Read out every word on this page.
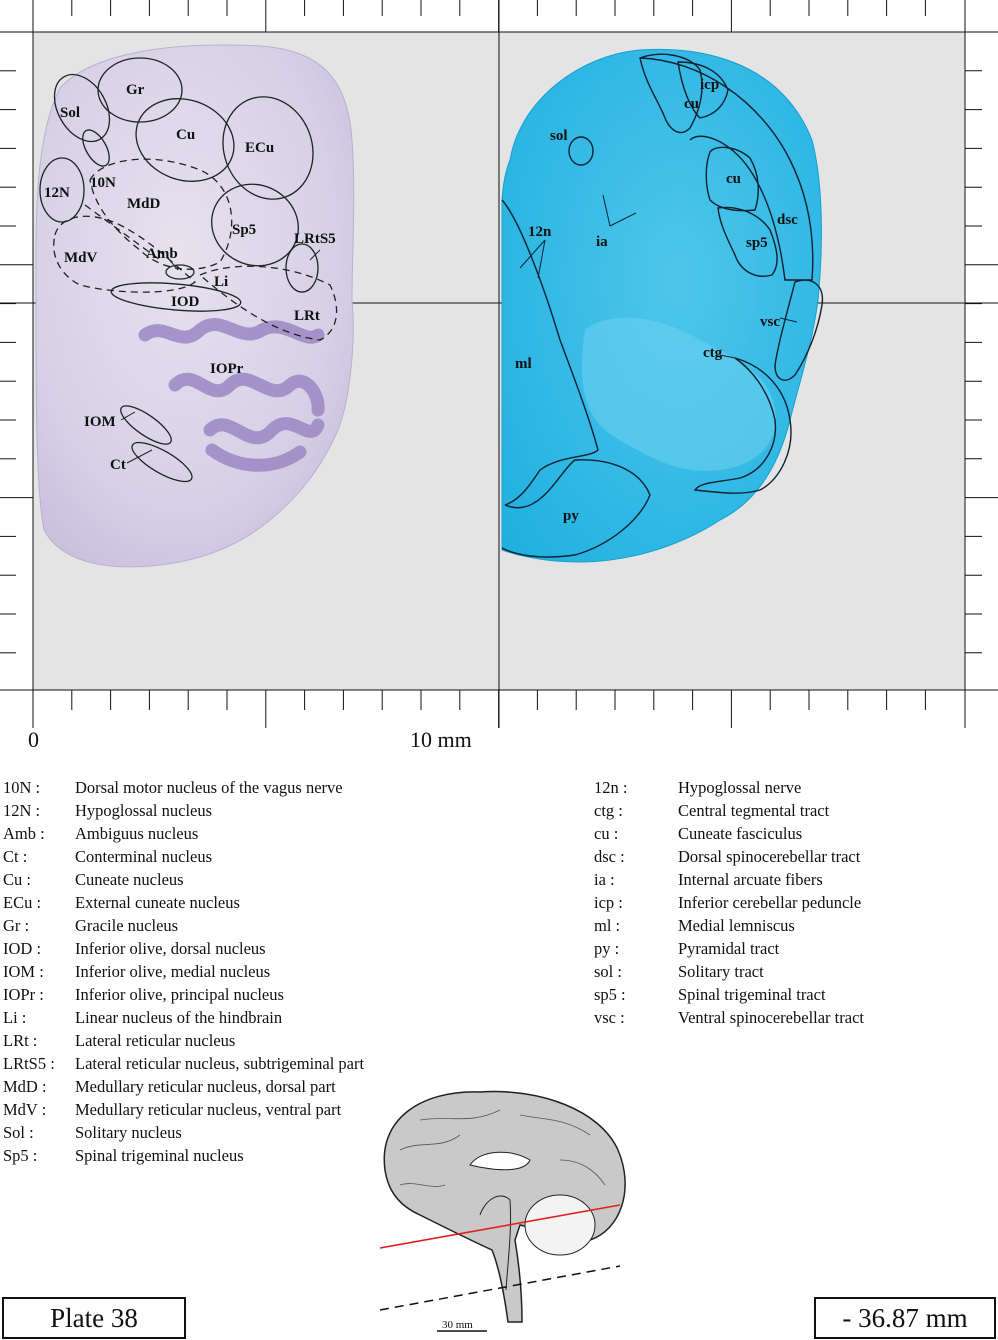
Sol
Gr
Cu
ECu
12N
10N
MdD
Sp5
LRtS5
MdV	Amb
Li
IOD
LRt
IOPr
IOM
Ct
icp
cu
sol
cu
dsc
12n
ia	sp5
vsc
ml
ctg
py
0	10 mm
30 mm
10N :	Dorsal motor nucleus of the vagus nerve
12N :	Hypoglossal nucleus
Amb :	Ambiguus nucleus
Ct :	Conterminal nucleus
Cu :	Cuneate nucleus
ECu :	External cuneate nucleus
Gr :	Gracile nucleus
IOD :	Inferior olive, dorsal nucleus
IOM :	Inferior olive, medial nucleus
IOPr :	Inferior olive, principal nucleus
Li :	Linear nucleus of the hindbrain
LRt :	Lateral reticular nucleus
LRtS5 :	Lateral reticular nucleus, subtrigeminal part
MdD :	Medullary reticular nucleus, dorsal part
MdV :	Medullary reticular nucleus, ventral part
Sol :	Solitary nucleus
Sp5 :	Spinal trigeminal nucleus
12n :	Hypoglossal nerve
ctg :	Central tegmental tract
cu :	Cuneate fasciculus
dsc :	Dorsal spinocerebellar tract
ia :	Internal arcuate fibers
icp :	Inferior cerebellar peduncle
ml :	Medial lemniscus
py :	Pyramidal tract
sol :	Solitary tract
sp5 :	Spinal trigeminal tract
vsc :	Ventral spinocerebellar tract
Plate 38	- 36.87 mm
